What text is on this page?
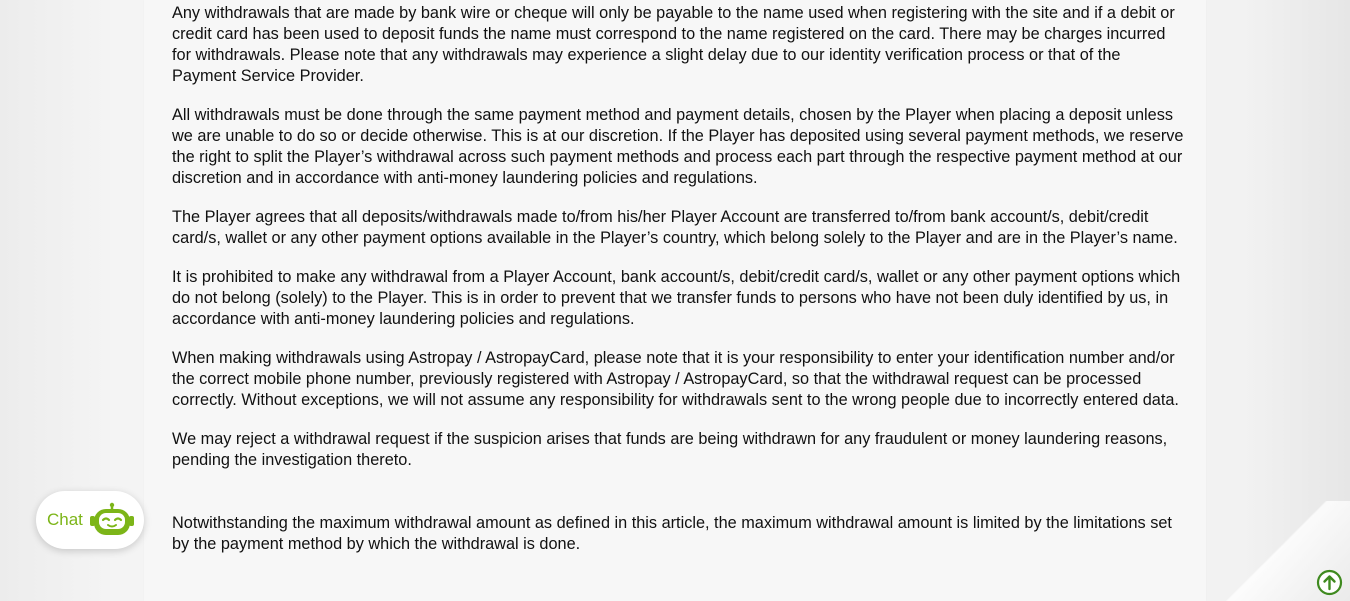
Any withdrawals that are made by bank wire or cheque will only be payable to the name used when registering with the site and if a debit or credit card has been used to deposit funds the name must correspond to the name registered on the card. There may be charges incurred for withdrawals. Please note that any withdrawals may experience a slight delay due to our identity verification process or that of the Payment Service Provider.

All withdrawals must be done through the same payment method and payment details, chosen by the Player when placing a deposit unless we are unable to do so or decide otherwise. This is at our discretion. If the Player has deposited using several payment methods, we reserve the right to split the Player’s withdrawal across such payment methods and process each part through the respective payment method at our discretion and in accordance with anti-money laundering policies and regulations.

The Player agrees that all deposits/withdrawals made to/from his/her Player Account are transferred to/from bank account/s, debit/credit card/s, wallet or any other payment options available in the Player’s country, which belong solely to the Player and are in the Player’s name.

It is prohibited to make any withdrawal from a Player Account, bank account/s, debit/credit card/s, wallet or any other payment options which do not belong (solely) to the Player. This is in order to prevent that we transfer funds to persons who have not been duly identified by us, in accordance with anti-money laundering policies and regulations.

When making withdrawals using Astropay / AstropayCard, please note that it is your responsibility to enter your identification number and/or the correct mobile phone number, previously registered with Astropay / AstropayCard, so that the withdrawal request can be processed correctly. Without exceptions, we will not assume any responsibility for withdrawals sent to the wrong people due to incorrectly entered data.

We may reject a withdrawal request if the suspicion arises that funds are being withdrawn for any fraudulent or money laundering reasons, pending the investigation thereto.

Notwithstanding the maximum withdrawal amount as defined in this article, the maximum withdrawal amount is limited by the limitations set by the payment method by which the withdrawal is done.

Chat
